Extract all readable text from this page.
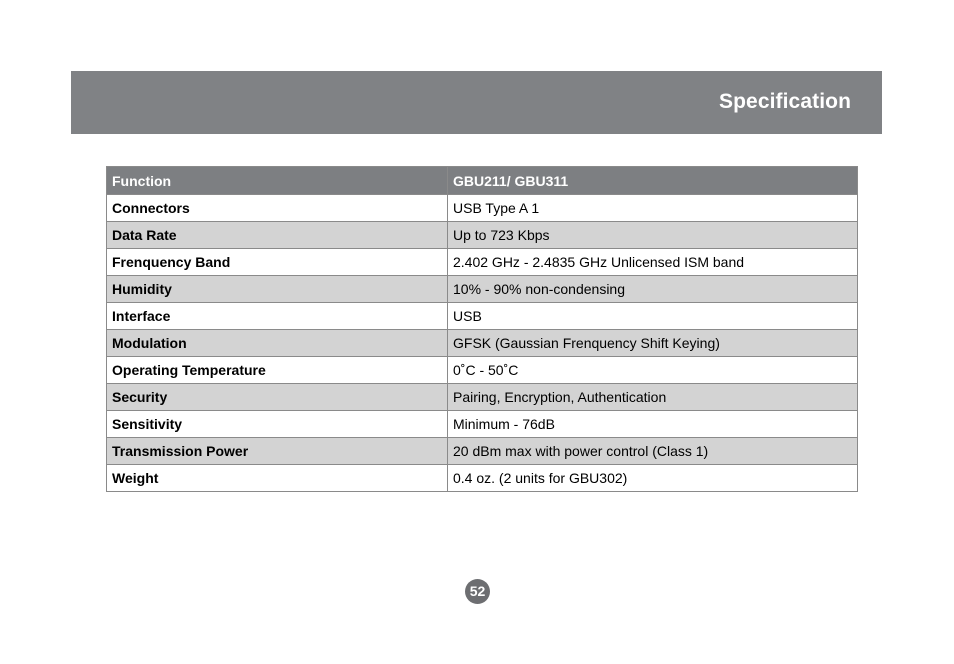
Specification
Function	GBU211/ GBU311
Connectors	USB Type A 1
Data Rate	Up to 723 Kbps
Frenquency Band	2.402 GHz - 2.4835 GHz Unlicensed ISM band
Humidity	10% - 90% non-condensing
Interface	USB
Modulation	GFSK (Gaussian Frenquency Shift Keying)
Operating Temperature	0˚C - 50˚C
Security	Pairing, Encryption, Authentication
Sensitivity	Minimum - 76dB
Transmission Power	20 dBm max with power control (Class 1)
Weight	0.4 oz. (2 units for GBU302)
52
